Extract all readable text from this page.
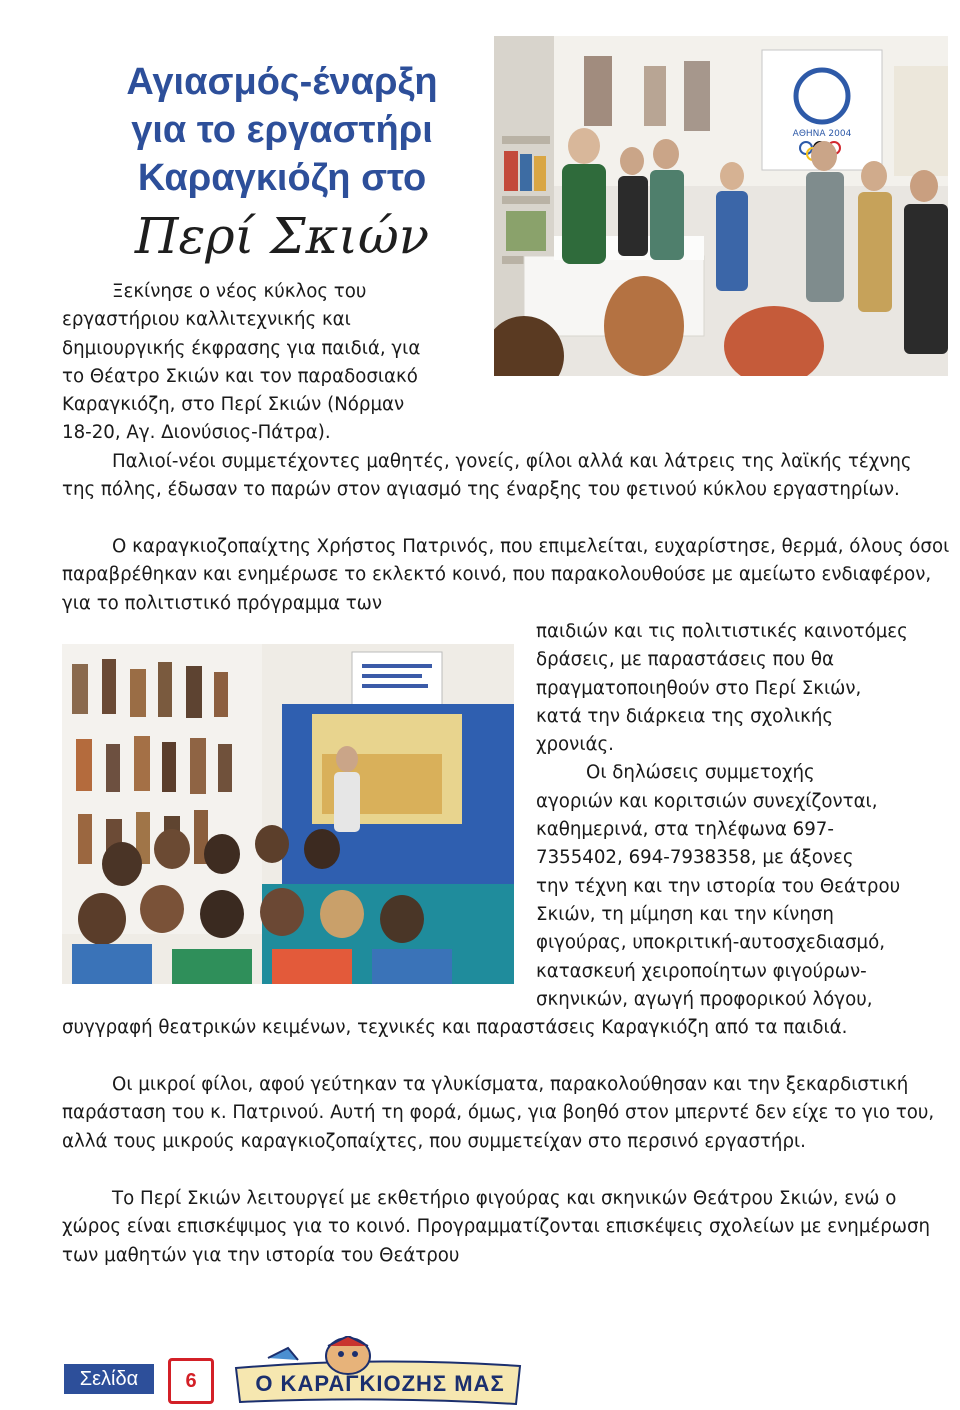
Αγιασμός-έναρξη
για το εργαστήρι
Καραγκιόζη στο
Περί Σκιών
ΑΘΗΝΑ 2004

Ξεκίνησε ο νέος κύκλος του

εργαστήριου καλλιτεχνικής και

δημιουργικής έκφρασης για παιδιά, για

το Θέατρο Σκιών και τον παραδοσιακό

Καραγκιόζη, στο Περί Σκιών (Νόρμαν

18-20, Αγ. Διονύσιος-Πάτρα).

Παλιοί-νέοι συμμετέχοντες μαθητές, γονείς, φίλοι αλλά και λάτρεις της λαϊκής τέχνης της πόλης, έδωσαν το παρών στον αγιασμό της έναρξης του φετινού κύκλου εργαστηρίων.

Ο καραγκιοζοπαίχτης Χρήστος Πατρινός, που επιμελείται, ευχαρίστησε, θερμά, όλους όσοι παραβρέθηκαν και ενημέρωσε το εκλεκτό κοινό, που παρακολουθούσε με αμείωτο ενδιαφέρον, για το πολιτιστικό πρόγραμμα των

παιδιών και τις πολιτιστικές καινοτόμες

δράσεις, με παραστάσεις που θα

πραγματοποιηθούν στο Περί Σκιών,

κατά την διάρκεια της σχολικής

χρονιάς.

Οι δηλώσεις συμμετοχής

αγοριών και κοριτσιών συνεχίζονται,

καθημερινά, στα τηλέφωνα 697-

7355402, 694-7938358, με άξονες

την τέχνη και την ιστορία του Θεάτρου

Σκιών, τη μίμηση και την κίνηση

φιγούρας, υποκριτική-αυτοσχεδιασμό,

κατασκευή χειροποίητων φιγούρων-

σκηνικών, αγωγή προφορικού λόγου,

συγγραφή θεατρικών κειμένων, τεχνικές και παραστάσεις Καραγκιόζη από τα παιδιά.

Οι μικροί φίλοι, αφού γεύτηκαν τα γλυκίσματα, παρακολούθησαν και την ξεκαρδιστική παράσταση του κ. Πατρινού. Αυτή τη φορά, όμως, για βοηθό στον μπερντέ δεν είχε το γιο του, αλλά τους μικρούς καραγκιοζοπαίχτες, που συμμετείχαν στο περσινό εργαστήρι.

Το Περί Σκιών λειτουργεί με εκθετήριο φιγούρας και σκηνικών Θεάτρου Σκιών, ενώ ο χώρος είναι επισκέψιμος για το κοινό. Προγραμματίζονται επισκέψεις σχολείων με ενημέρωση των μαθητών για την ιστορία του Θεάτρου

Σελίδα	6	Ο ΚΑΡΑΓΚΙΟΖΗΣ ΜΑΣ
